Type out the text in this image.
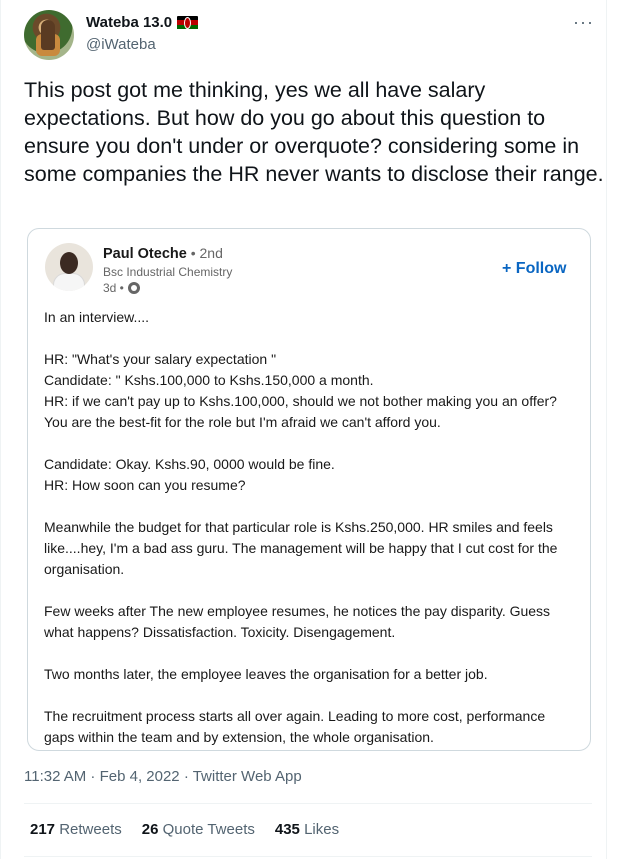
Wateba 13.0
@iWateba
···
This post got me thinking, yes we all have salary expectations. But how do you go about this question to ensure you don't under or overquote? considering some in some companies the HR never wants to disclose their range.
Paul Oteche • 2nd
Bsc Industrial Chemistry
3d •
+ Follow

In an interview....

HR: "What's your salary expectation "

Candidate: " Kshs.100,000 to Kshs.150,000 a month.

HR: if we can't pay up to Kshs.100,000, should we not bother making you an offer? You are the best-fit for the role but I'm afraid we can't afford you.

Candidate: Okay. Kshs.90, 0000 would be fine.

HR: How soon can you resume?

Meanwhile the budget for that particular role is Kshs.250,000. HR smiles and feels like....hey, I'm a bad ass guru. The management will be happy that I cut cost for the organisation.

Few weeks after The new employee resumes, he notices the pay disparity. Guess what happens? Dissatisfaction. Toxicity. Disengagement.

Two months later, the employee leaves the organisation for a better job.

The recruitment process starts all over again. Leading to more cost, performance gaps within the team and by extension, the whole organisation.

11:32 AM · Feb 4, 2022 · Twitter Web App
217 Retweets 26 Quote Tweets 435 Likes
